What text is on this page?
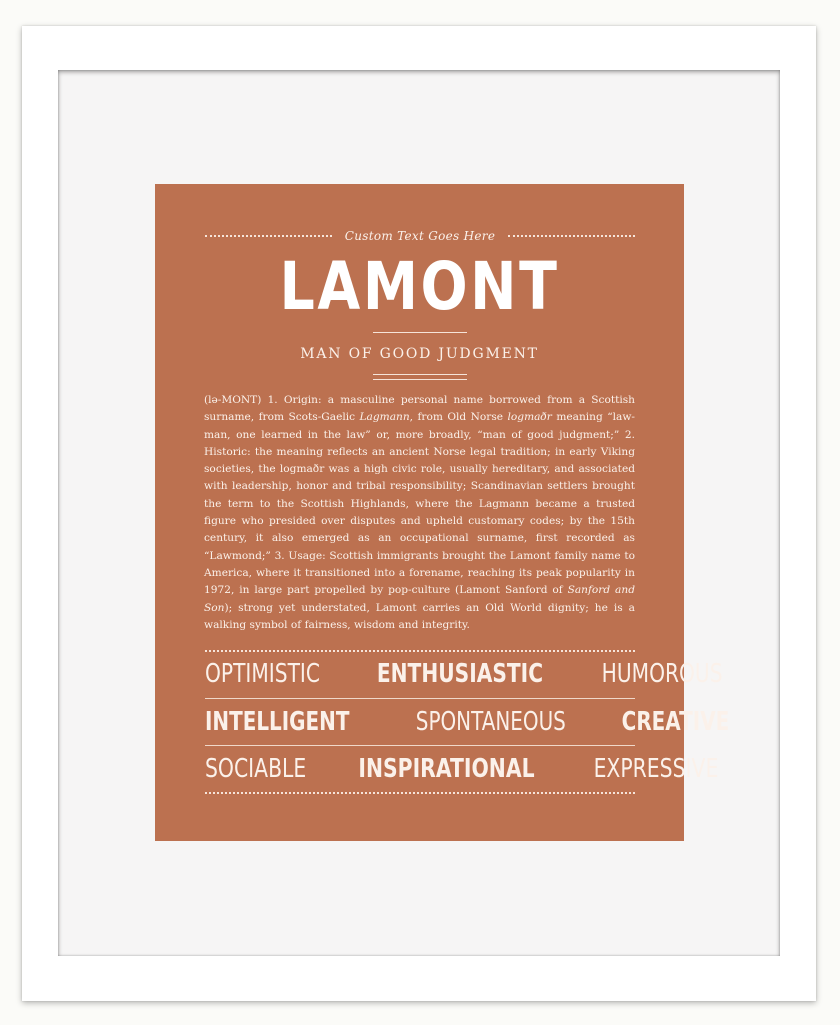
Custom Text Goes Here
LAMONT
MAN OF GOOD JUDGMENT

(lə-MONT) 1. Origin: a masculine personal name borrowed from a Scottish surname, from Scots-Gaelic Lagmann, from Old Norse logmaðr meaning “law-man, one learned in the law” or, more broadly, “man of good judgment;” 2. Historic: the meaning reflects an ancient Norse legal tradition; in early Viking societies, the logmaðr was a high civic role, usually hereditary, and associated with leadership, honor and tribal responsibility; Scandinavian settlers brought the term to the Scottish Highlands, where the Lagmann became a trusted figure who presided over disputes and upheld customary codes; by the 15th century, it also emerged as an occupational surname, first recorded as “Lawmond;” 3. Usage: Scottish immigrants brought the Lamont family name to America, where it transitioned into a forename, reaching its peak popularity in 1972, in large part propelled by pop-culture (Lamont Sanford of Sanford and Son); strong yet understated, Lamont carries an Old World dignity; he is a walking symbol of fairness, wisdom and integrity.

OPTIMISTIC ENTHUSIASTIC HUMOROUS
INTELLIGENT	SPONTANEOUS CREATIVE
SOCIABLE INSPIRATIONAL EXPRESSIVE
